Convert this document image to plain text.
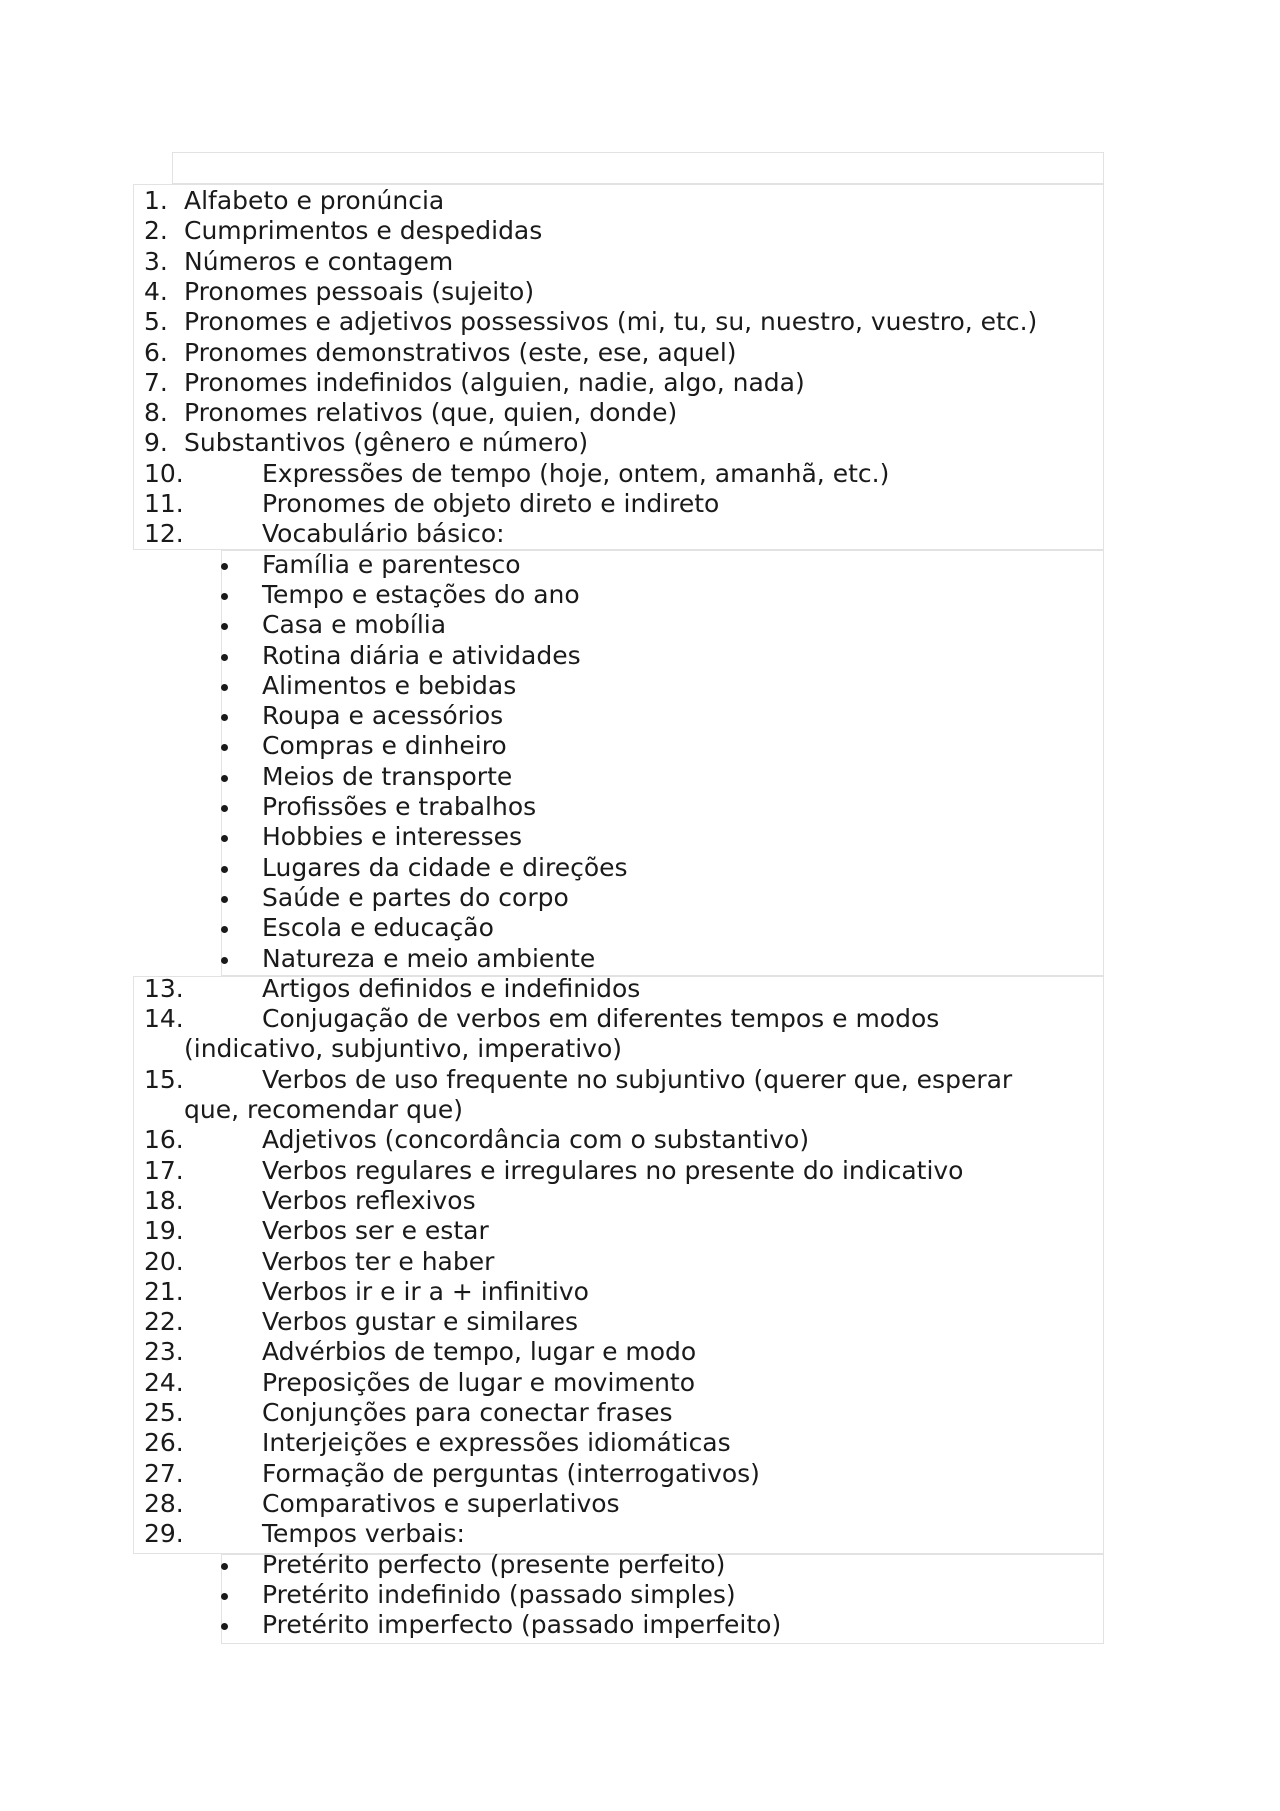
1. Alfabeto e pronúncia
2. Cumprimentos e despedidas
3. Números e contagem
4. Pronomes pessoais (sujeito)
5. Pronomes e adjetivos possessivos (mi, tu, su, nuestro, vuestro, etc.)
6. Pronomes demonstrativos (este, ese, aquel)
7. Pronomes indefinidos (alguien, nadie, algo, nada)
8. Pronomes relativos (que, quien, donde)
9. Substantivos (gênero e número)
10.	Expressões de tempo (hoje, ontem, amanhã, etc.)
11.	Pronomes de objeto direto e indireto
12.	Vocabulário básico:
Família e parentesco
Tempo e estações do ano
Casa e mobília
Rotina diária e atividades
Alimentos e bebidas
Roupa e acessórios
Compras e dinheiro
Meios de transporte
Profissões e trabalhos
Hobbies e interesses
Lugares da cidade e direções
Saúde e partes do corpo
Escola e educação
Natureza e meio ambiente
13.	Artigos definidos e indefinidos
14.	Conjugação de verbos em diferentes tempos e modos
(indicativo, subjuntivo, imperativo)
15.	Verbos de uso frequente no subjuntivo (querer que, esperar
que, recomendar que)
16.	Adjetivos (concordância com o substantivo)
17.	Verbos regulares e irregulares no presente do indicativo
18.	Verbos reflexivos
19.	Verbos ser e estar
20.	Verbos ter e haber
21.	Verbos ir e ir a + infinitivo
22.	Verbos gustar e similares
23.	Advérbios de tempo, lugar e modo
24.	Preposições de lugar e movimento
25.	Conjunções para conectar frases
26.	Interjeições e expressões idiomáticas
27.	Formação de perguntas (interrogativos)
28.	Comparativos e superlativos
29.	Tempos verbais:
Pretérito perfecto (presente perfeito)
Pretérito indefinido (passado simples)
Pretérito imperfecto (passado imperfeito)
